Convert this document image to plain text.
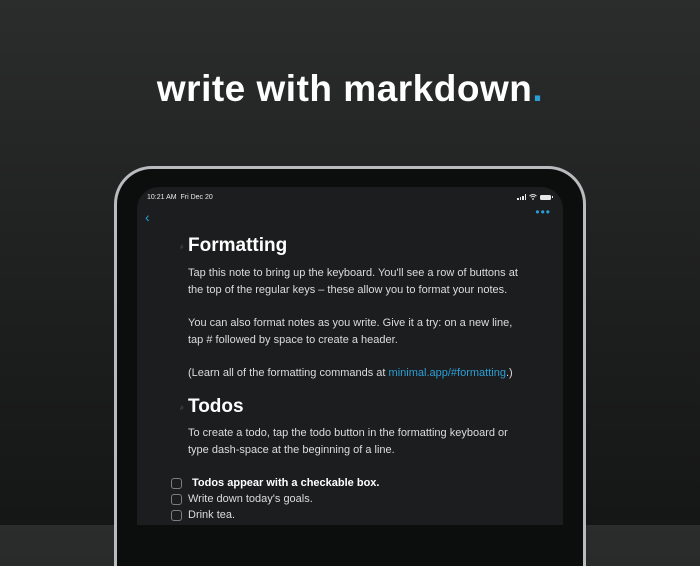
write with markdown.
10:21 AM Fri Dec 20
‹	•••
# Formatting

Tap this note to bring up the keyboard. You'll see a row of buttons at the top of the regular keys – these allow you to format your notes.

You can also format notes as you write. Give it a try: on a new line, tap # followed by space to create a header.

(Learn all of the formatting commands at minimal.app/#formatting.)

# Todos

To create a todo, tap the todo button in the formatting keyboard or type dash-space at the beginning of a line.

Todos appear with a checkable box.
Write down today's goals.
Drink tea.
